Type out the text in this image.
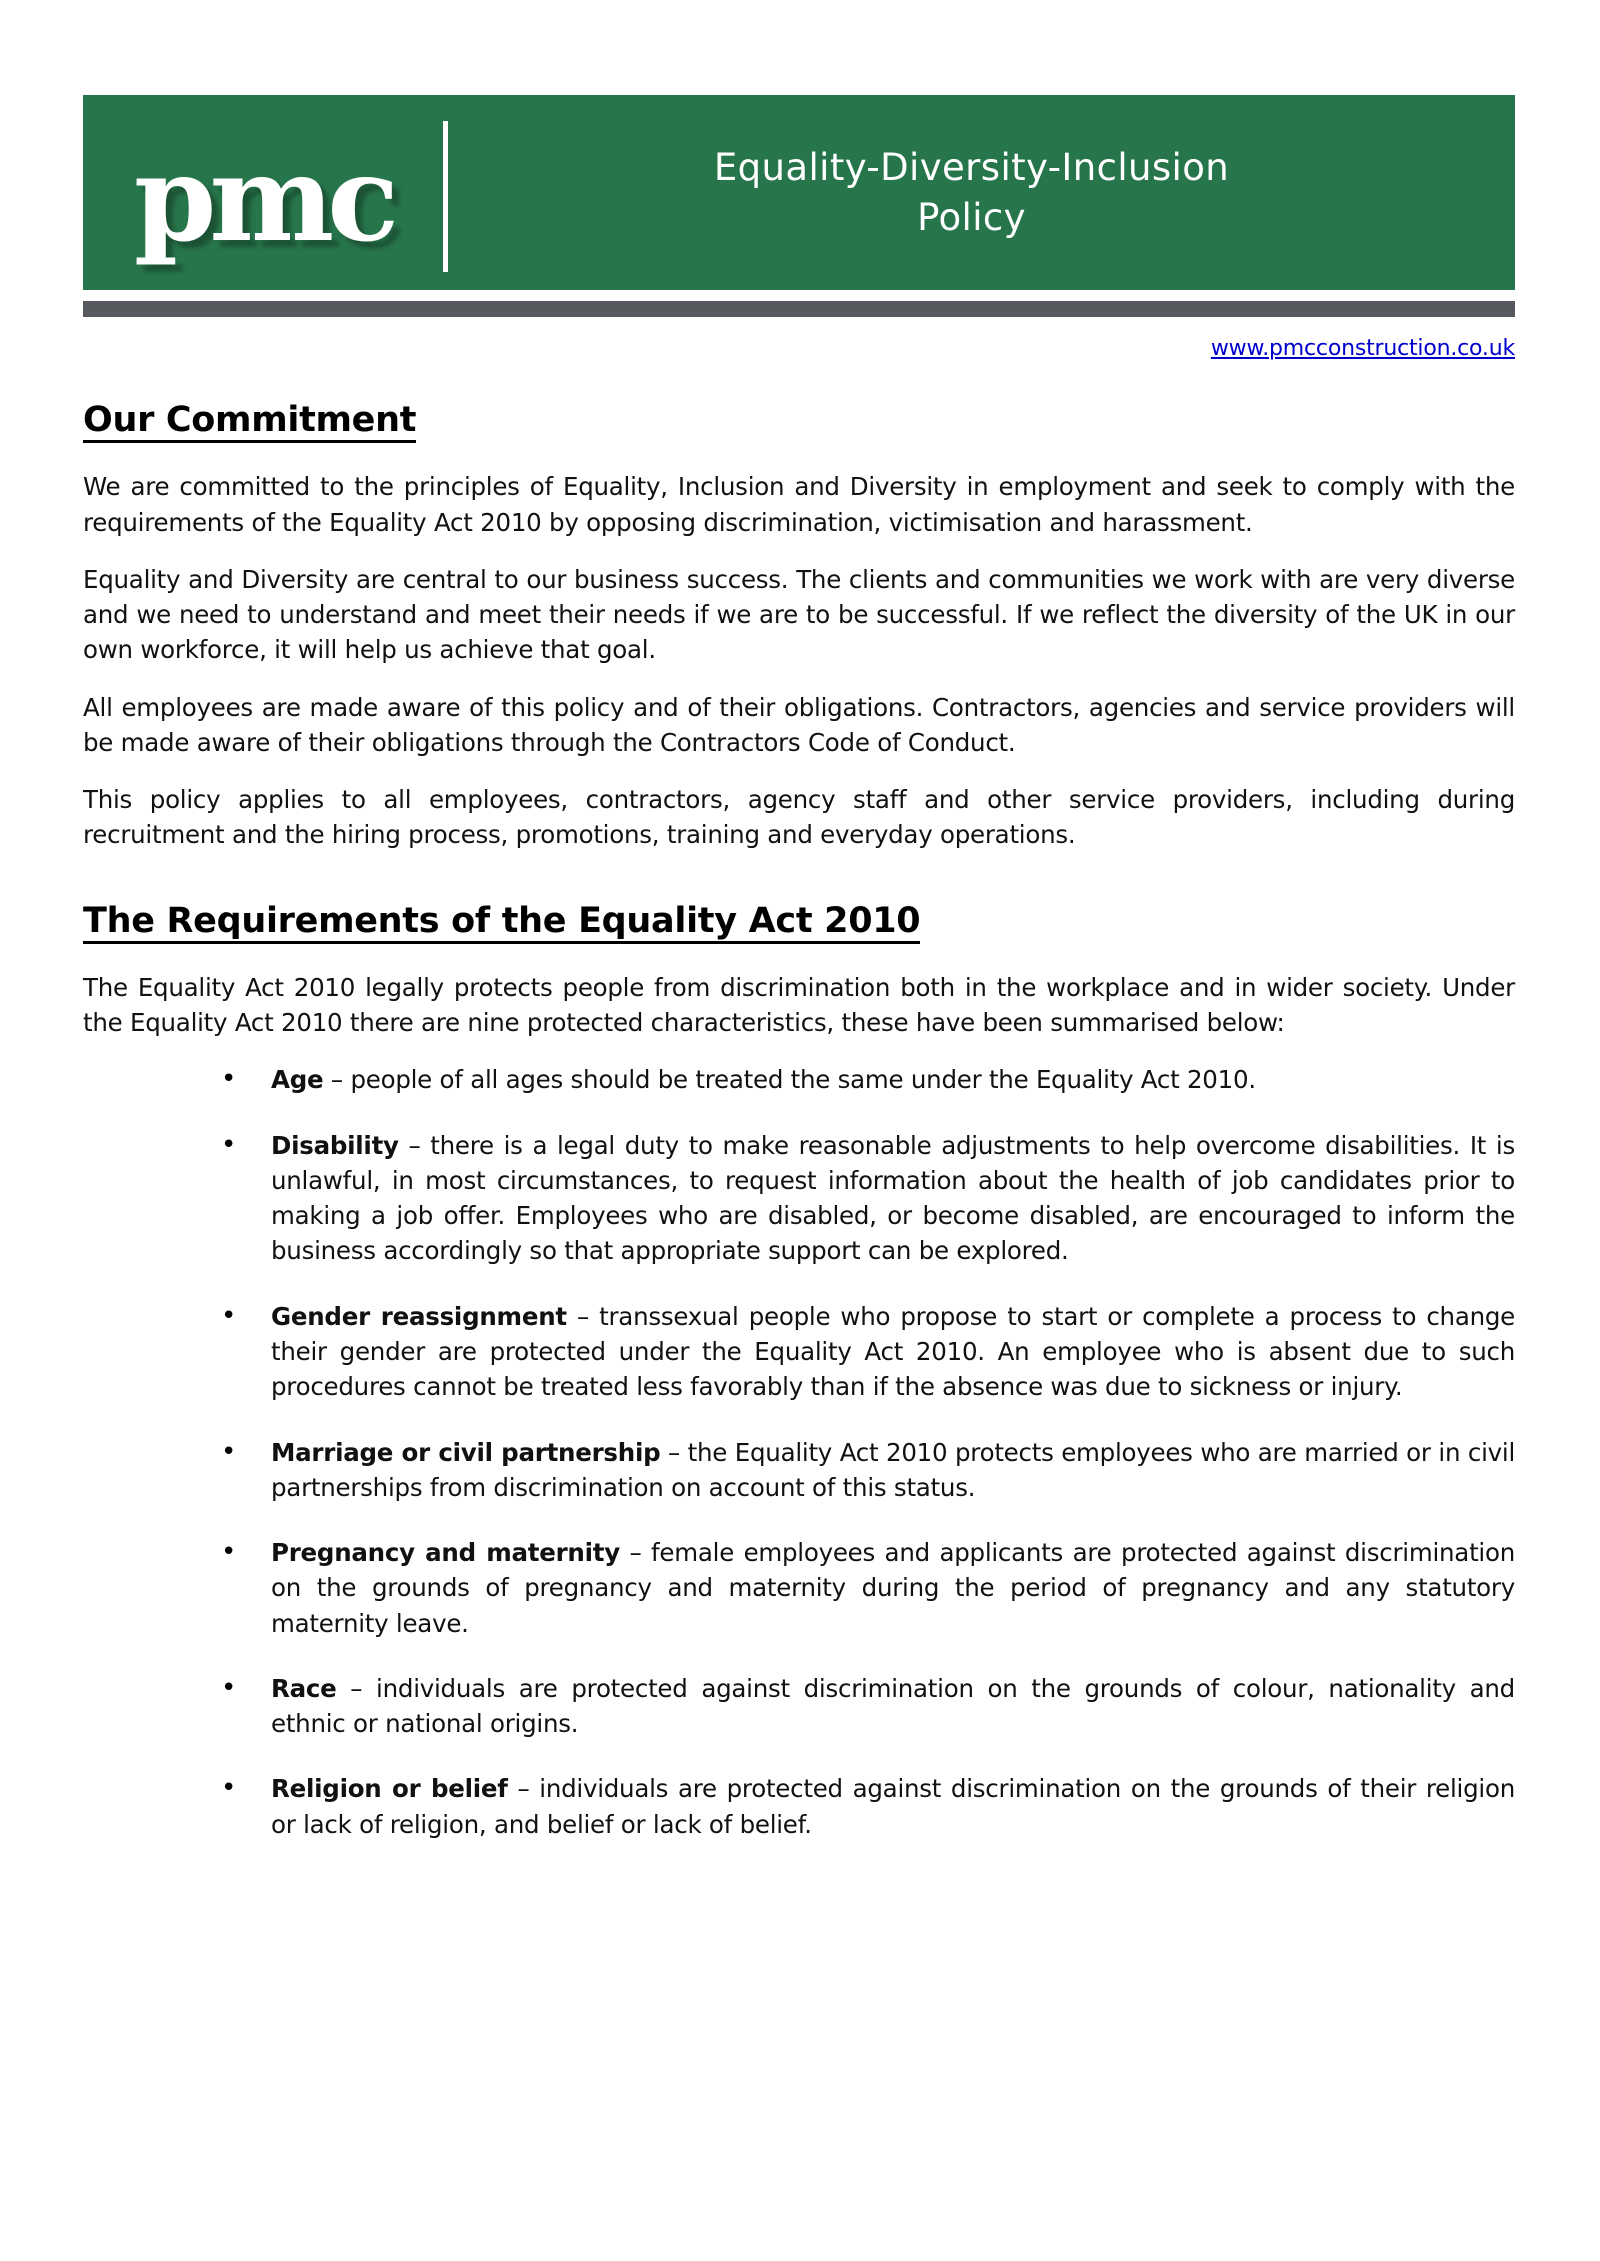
pmc	Equality-Diversity-Inclusion
Policy
www.pmcconstruction.co.uk
Our Commitment

We are committed to the principles of Equality, Inclusion and Diversity in employment and seek to comply with the requirements of the Equality Act 2010 by opposing discrimination, victimisation and harassment.

Equality and Diversity are central to our business success. The clients and communities we work with are very diverse and we need to understand and meet their needs if we are to be successful. If we reflect the diversity of the UK in our own workforce, it will help us achieve that goal.

All employees are made aware of this policy and of their obligations. Contractors, agencies and service providers will be made aware of their obligations through the Contractors Code of Conduct.

This policy applies to all employees, contractors, agency staff and other service providers, including during recruitment and the hiring process, promotions, training and everyday operations.

The Requirements of the Equality Act 2010

The Equality Act 2010 legally protects people from discrimination both in the workplace and in wider society. Under the Equality Act 2010 there are nine protected characteristics, these have been summarised below:

• Age – people of all ages should be treated the same under the Equality Act 2010.
• Disability – there is a legal duty to make reasonable adjustments to help overcome disabilities. It is unlawful, in most circumstances, to request information about the health of job candidates prior to making a job offer. Employees who are disabled, or become disabled, are encouraged to inform the business accordingly so that appropriate support can be explored.
• Gender reassignment – transsexual people who propose to start or complete a process to change their gender are protected under the Equality Act 2010. An employee who is absent due to such procedures cannot be treated less favorably than if the absence was due to sickness or injury.
• Marriage or civil partnership – the Equality Act 2010 protects employees who are married or in civil partnerships from discrimination on account of this status.
• Pregnancy and maternity – female employees and applicants are protected against discrimination on the grounds of pregnancy and maternity during the period of pregnancy and any statutory maternity leave.
• Race – individuals are protected against discrimination on the grounds of colour, nationality and ethnic or national origins.
• Religion or belief – individuals are protected against discrimination on the grounds of their religion or lack of religion, and belief or lack of belief.
